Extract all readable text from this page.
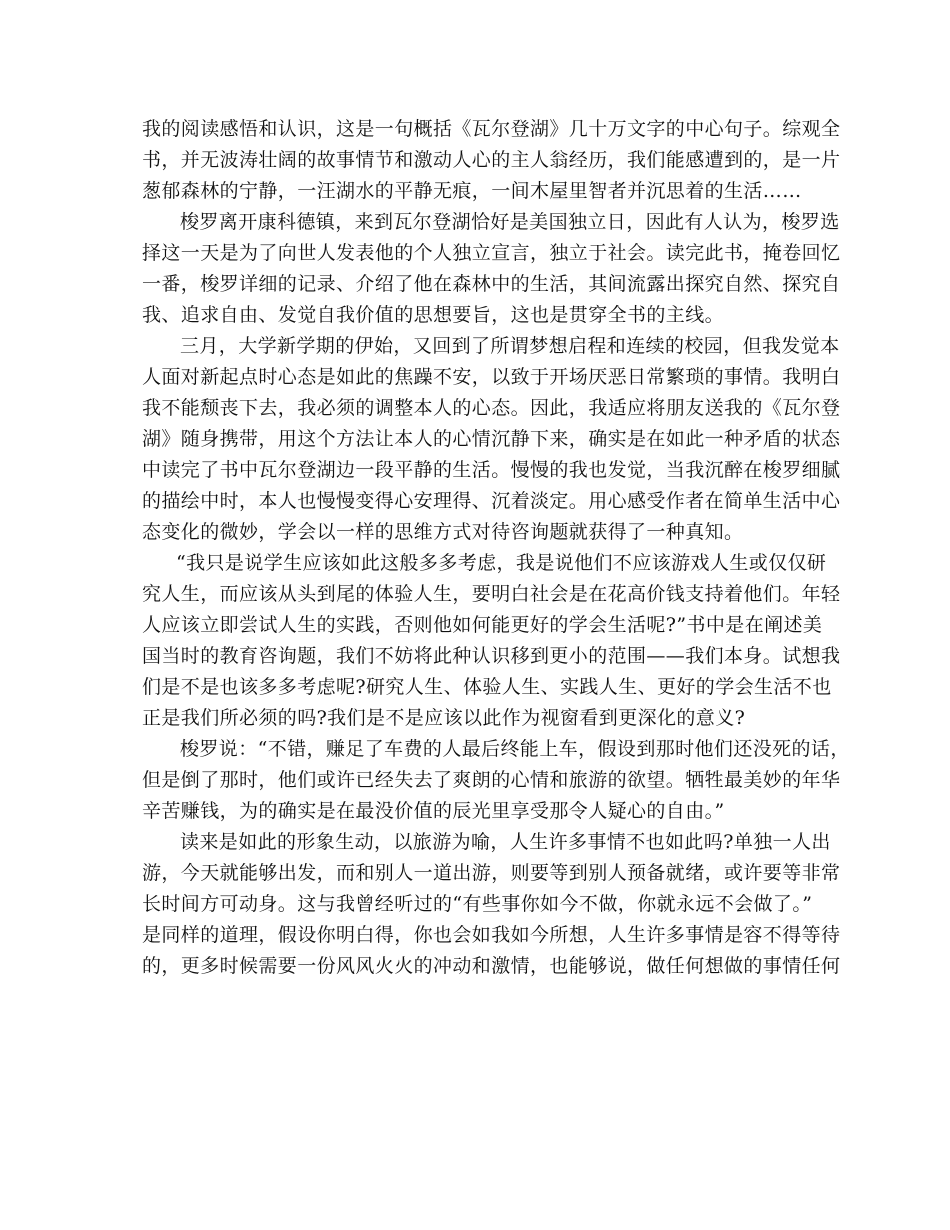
我的阅读感悟和认识，这是一句概括《瓦尔登湖》几十万文字的中心句子。综观全
书，并无波涛壮阔的故事情节和激动人心的主人翁经历，我们能感遭到的，是一片
葱郁森林的宁静，一汪湖水的平静无痕，一间木屋里智者并沉思着的生活……
梭罗离开康科德镇，来到瓦尔登湖恰好是美国独立日，因此有人认为，梭罗选
择这一天是为了向世人发表他的个人独立宣言，独立于社会。读完此书，掩卷回忆
一番，梭罗详细的记录、介绍了他在森林中的生活，其间流露出探究自然、探究自
我、追求自由、发觉自我价值的思想要旨，这也是贯穿全书的主线。
三月，大学新学期的伊始，又回到了所谓梦想启程和连续的校园，但我发觉本
人面对新起点时心态是如此的焦躁不安，以致于开场厌恶日常繁琐的事情。我明白
我不能颓丧下去，我必须的调整本人的心态。因此，我适应将朋友送我的《瓦尔登
湖》随身携带，用这个方法让本人的心情沉静下来，确实是在如此一种矛盾的状态
中读完了书中瓦尔登湖边一段平静的生活。慢慢的我也发觉，当我沉醉在梭罗细腻
的描绘中时，本人也慢慢变得心安理得、沉着淡定。用心感受作者在简单生活中心
态变化的微妙，学会以一样的思维方式对待咨询题就获得了一种真知。
“我只是说学生应该如此这般多多考虑，我是说他们不应该游戏人生或仅仅研
究人生，而应该从头到尾的体验人生，要明白社会是在花高价钱支持着他们。年轻
人应该立即尝试人生的实践，否则他如何能更好的学会生活呢?”书中是在阐述美
国当时的教育咨询题，我们不妨将此种认识移到更小的范围——我们本身。试想我
们是不是也该多多考虑呢?研究人生、体验人生、实践人生、更好的学会生活不也
正是我们所必须的吗?我们是不是应该以此作为视窗看到更深化的意义?
梭罗说：“不错，赚足了车费的人最后终能上车，假设到那时他们还没死的话，
但是倒了那时，他们或许已经失去了爽朗的心情和旅游的欲望。牺牲最美妙的年华
辛苦赚钱，为的确实是在最没价值的辰光里享受那令人疑心的自由。”
读来是如此的形象生动，以旅游为喻，人生许多事情不也如此吗?单独一人出
游，今天就能够出发，而和别人一道出游，则要等到别人预备就绪，或许要等非常
长时间方可动身。这与我曾经听过的“有些事你如今不做，你就永远不会做了。”
是同样的道理，假设你明白得，你也会如我如今所想，人生许多事情是容不得等待
的，更多时候需要一份风风火火的冲动和激情，也能够说，做任何想做的事情任何
